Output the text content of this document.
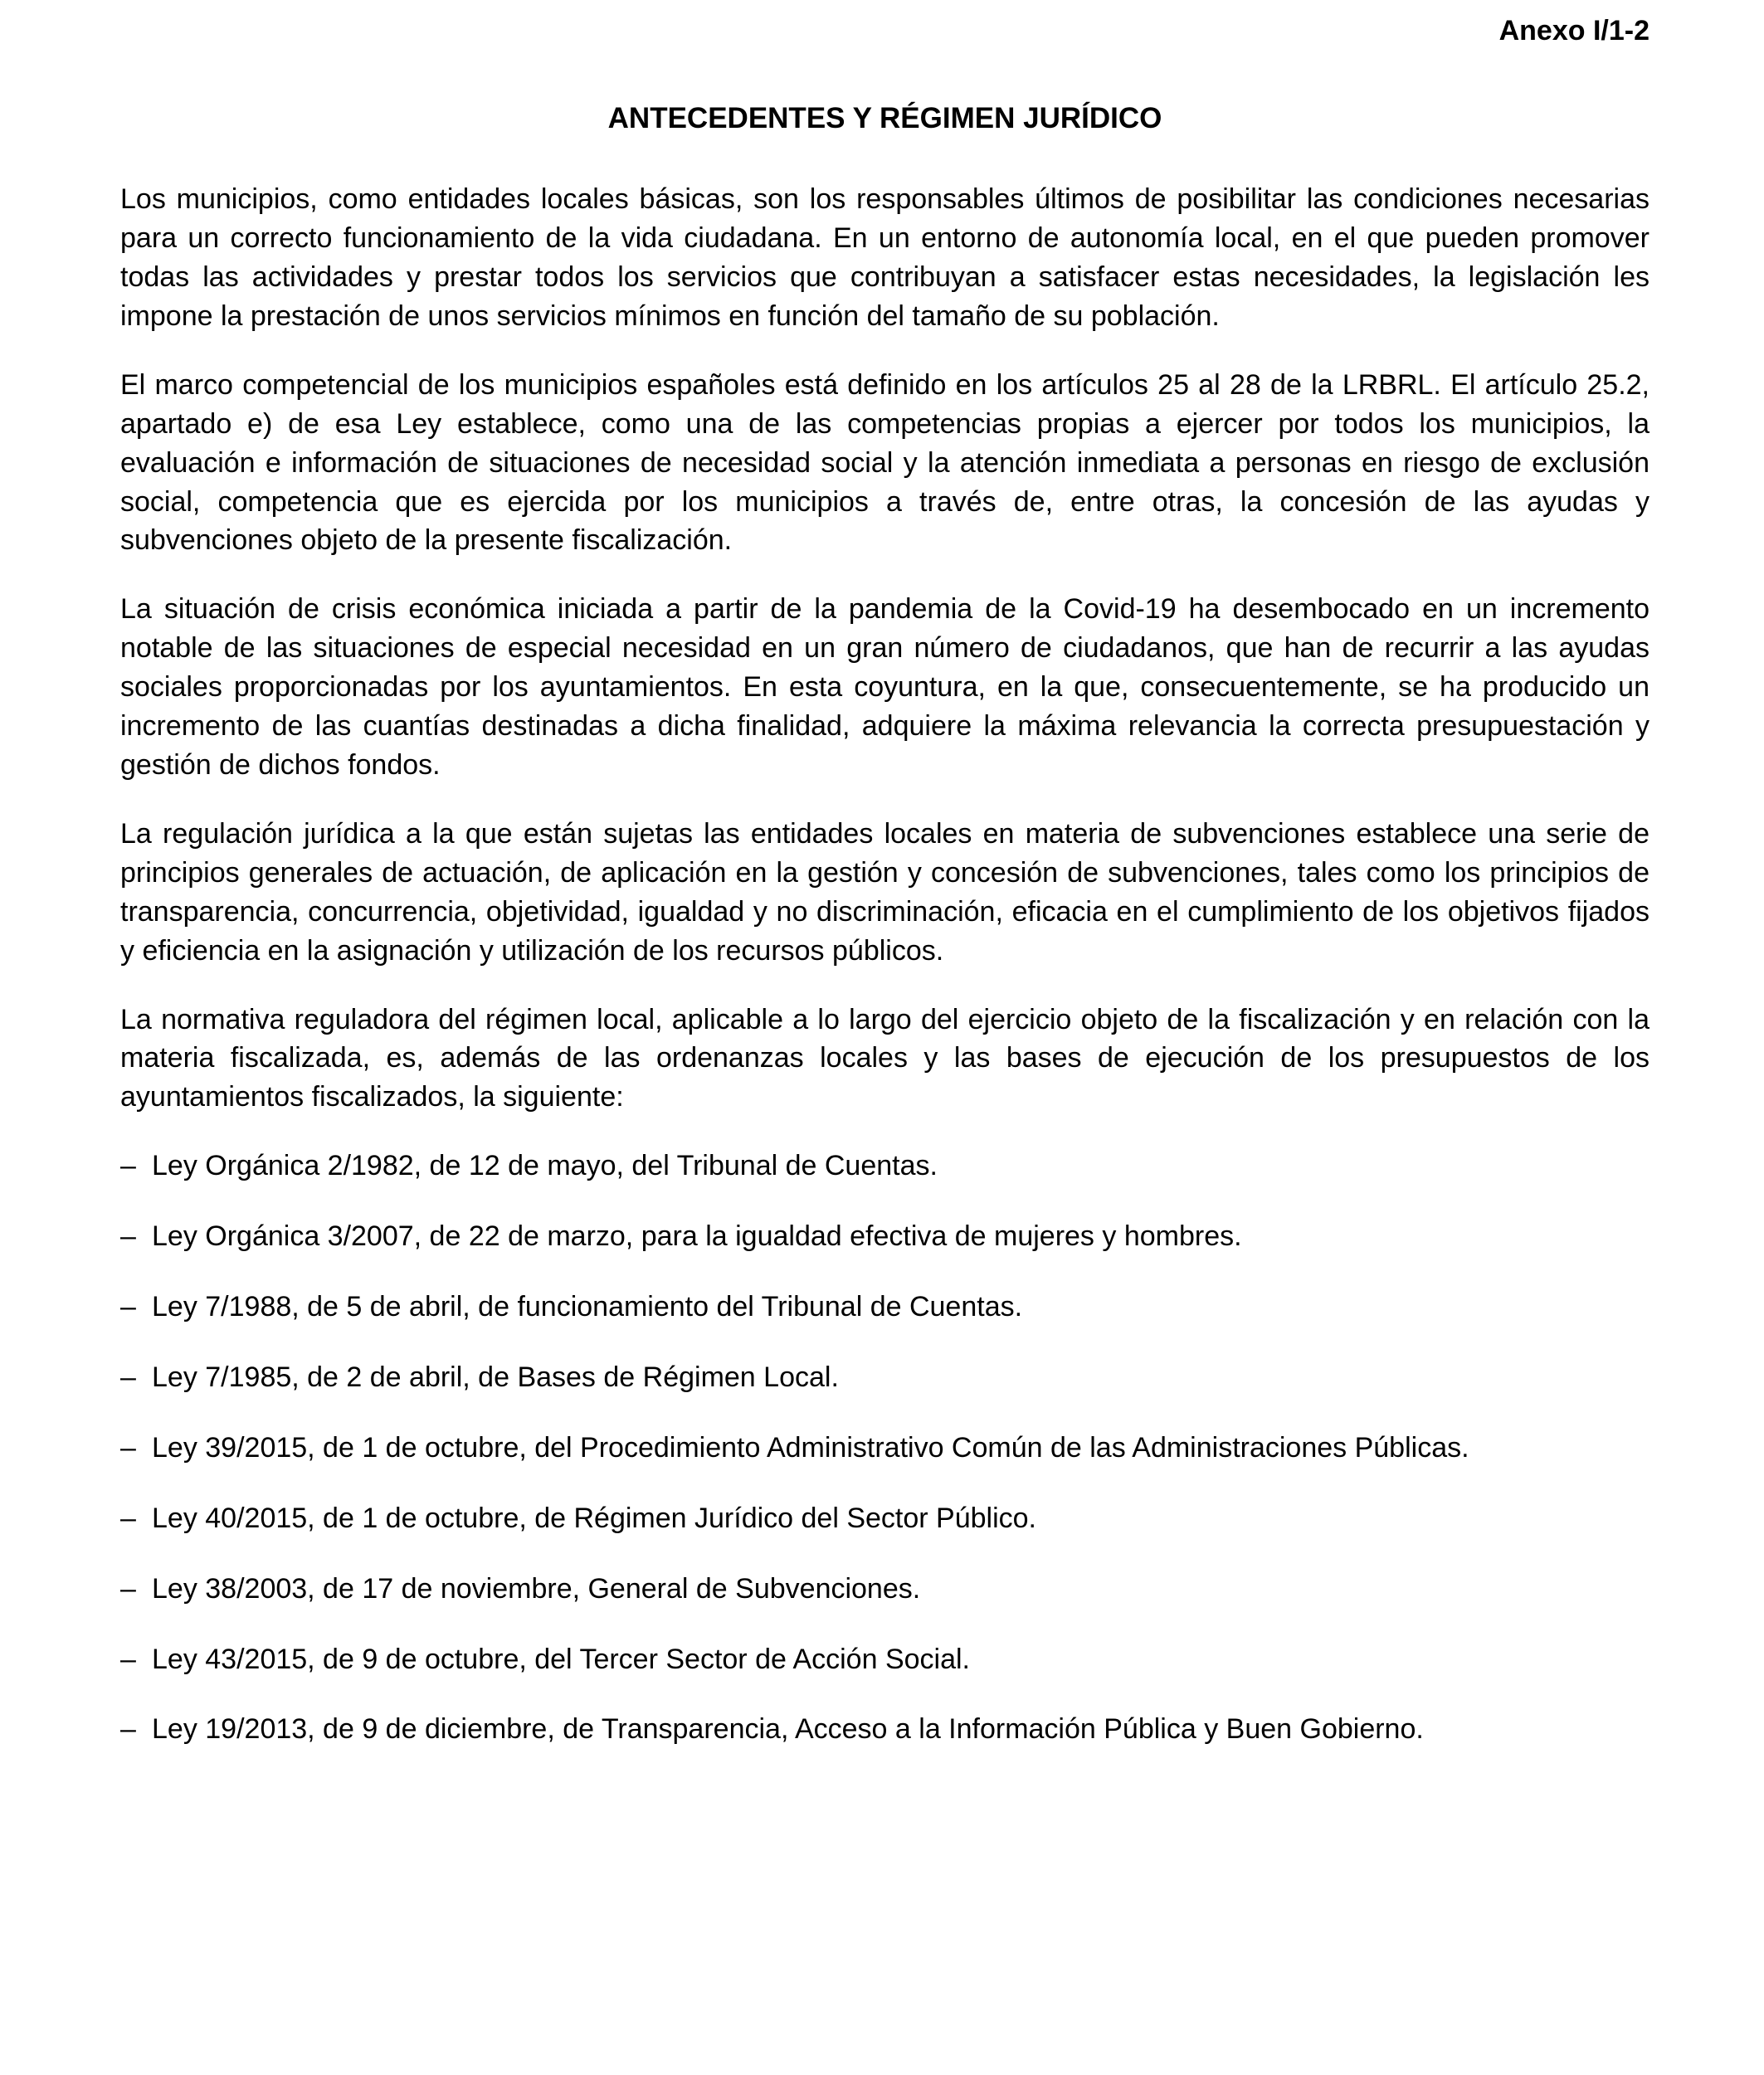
Anexo I/1-2
ANTECEDENTES Y RÉGIMEN JURÍDICO

Los municipios, como entidades locales básicas, son los responsables últimos de posibilitar las condiciones necesarias para un correcto funcionamiento de la vida ciudadana. En un entorno de autonomía local, en el que pueden promover todas las actividades y prestar todos los servicios que contribuyan a satisfacer estas necesidades, la legislación les impone la prestación de unos servicios mínimos en función del tamaño de su población.

El marco competencial de los municipios españoles está definido en los artículos 25 al 28 de la LRBRL. El artículo 25.2, apartado e) de esa Ley establece, como una de las competencias propias a ejercer por todos los municipios, la evaluación e información de situaciones de necesidad social y la atención inmediata a personas en riesgo de exclusión social, competencia que es ejercida por los municipios a través de, entre otras, la concesión de las ayudas y subvenciones objeto de la presente fiscalización.

La situación de crisis económica iniciada a partir de la pandemia de la Covid-19 ha desembocado en un incremento notable de las situaciones de especial necesidad en un gran número de ciudadanos, que han de recurrir a las ayudas sociales proporcionadas por los ayuntamientos. En esta coyuntura, en la que, consecuentemente, se ha producido un incremento de las cuantías destinadas a dicha finalidad, adquiere la máxima relevancia la correcta presupuestación y gestión de dichos fondos.

La regulación jurídica a la que están sujetas las entidades locales en materia de subvenciones establece una serie de principios generales de actuación, de aplicación en la gestión y concesión de subvenciones, tales como los principios de transparencia, concurrencia, objetividad, igualdad y no discriminación, eficacia en el cumplimiento de los objetivos fijados y eficiencia en la asignación y utilización de los recursos públicos.

La normativa reguladora del régimen local, aplicable a lo largo del ejercicio objeto de la fiscalización y en relación con la materia fiscalizada, es, además de las ordenanzas locales y las bases de ejecución de los presupuestos de los ayuntamientos fiscalizados, la siguiente:

– Ley Orgánica 2/1982, de 12 de mayo, del Tribunal de Cuentas.
– Ley Orgánica 3/2007, de 22 de marzo, para la igualdad efectiva de mujeres y hombres.
– Ley 7/1988, de 5 de abril, de funcionamiento del Tribunal de Cuentas.
– Ley 7/1985, de 2 de abril, de Bases de Régimen Local.
– Ley 39/2015, de 1 de octubre, del Procedimiento Administrativo Común de las Administraciones Públicas.
– Ley 40/2015, de 1 de octubre, de Régimen Jurídico del Sector Público.
– Ley 38/2003, de 17 de noviembre, General de Subvenciones.
– Ley 43/2015, de 9 de octubre, del Tercer Sector de Acción Social.
– Ley 19/2013, de 9 de diciembre, de Transparencia, Acceso a la Información Pública y Buen Gobierno.
